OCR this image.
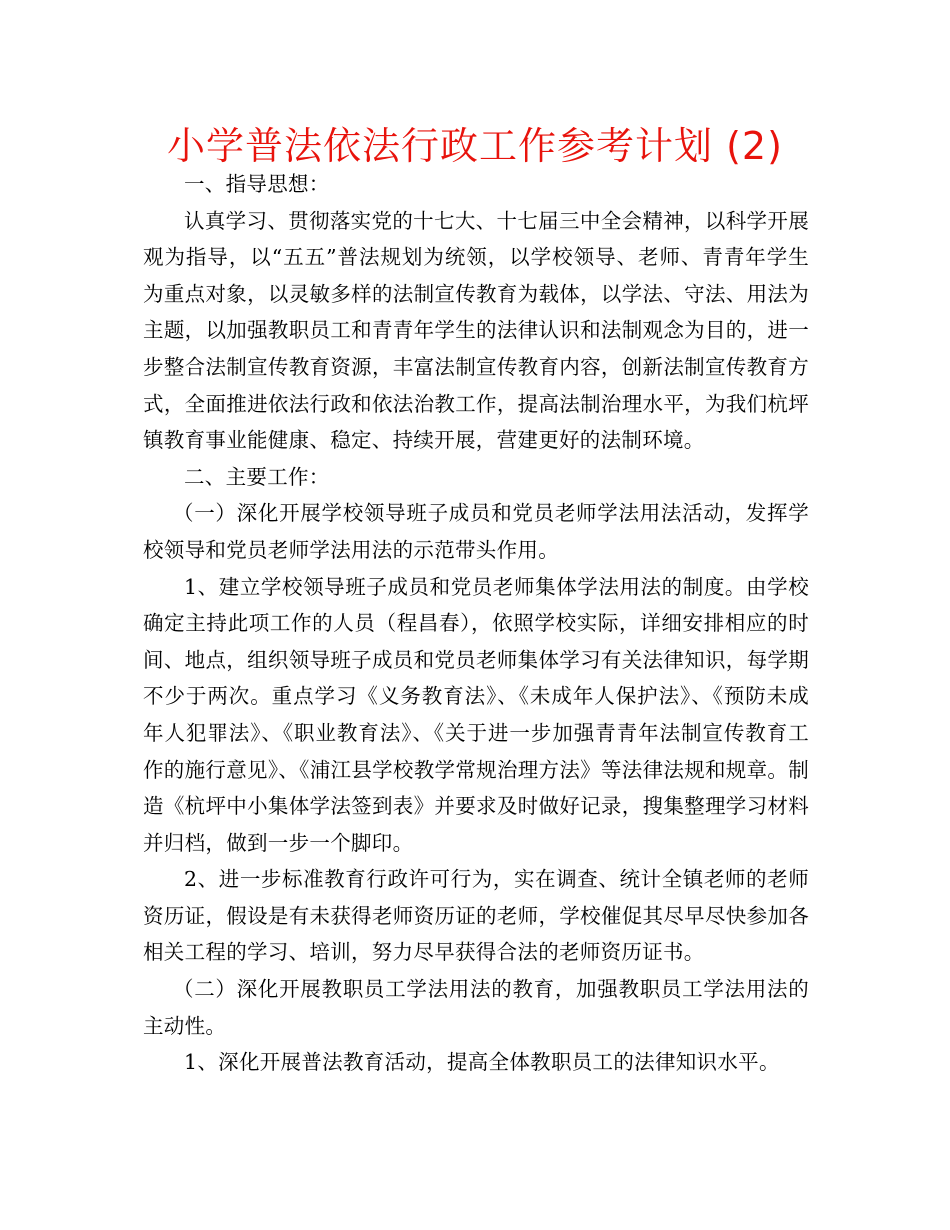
小学普法依法行政工作参考计划 (2)

一、指导思想：

认真学习、贯彻落实党的十七大、十七届三中全会精神，以科学开展观为指导，以“五五”普法规划为统领，以学校领导、老师、青青年学生为重点对象，以灵敏多样的法制宣传教育为载体，以学法、守法、用法为主题，以加强教职员工和青青年学生的法律认识和法制观念为目的，进一步整合法制宣传教育资源，丰富法制宣传教育内容，创新法制宣传教育方式，全面推进依法行政和依法治教工作，提高法制治理水平，为我们杭坪镇教育事业能健康、稳定、持续开展，营建更好的法制环境。

二、主要工作：

（一）深化开展学校领导班子成员和党员老师学法用法活动，发挥学校领导和党员老师学法用法的示范带头作用。

1、建立学校领导班子成员和党员老师集体学法用法的制度。由学校确定主持此项工作的人员（程昌春），依照学校实际，详细安排相应的时间、地点，组织领导班子成员和党员老师集体学习有关法律知识，每学期不少于两次。重点学习《义务教育法》、《未成年人保护法》、《预防未成年人犯罪法》、《职业教育法》、《关于进一步加强青青年法制宣传教育工作的施行意见》、《浦江县学校教学常规治理方法》等法律法规和规章。制造《杭坪中小集体学法签到表》并要求及时做好记录，搜集整理学习材料并归档，做到一步一个脚印。

2、进一步标准教育行政许可行为，实在调查、统计全镇老师的老师资历证，假设是有未获得老师资历证的老师，学校催促其尽早尽快参加各相关工程的学习、培训，努力尽早获得合法的老师资历证书。

（二）深化开展教职员工学法用法的教育，加强教职员工学法用法的主动性。

1、深化开展普法教育活动，提高全体教职员工的法律知识水平。
